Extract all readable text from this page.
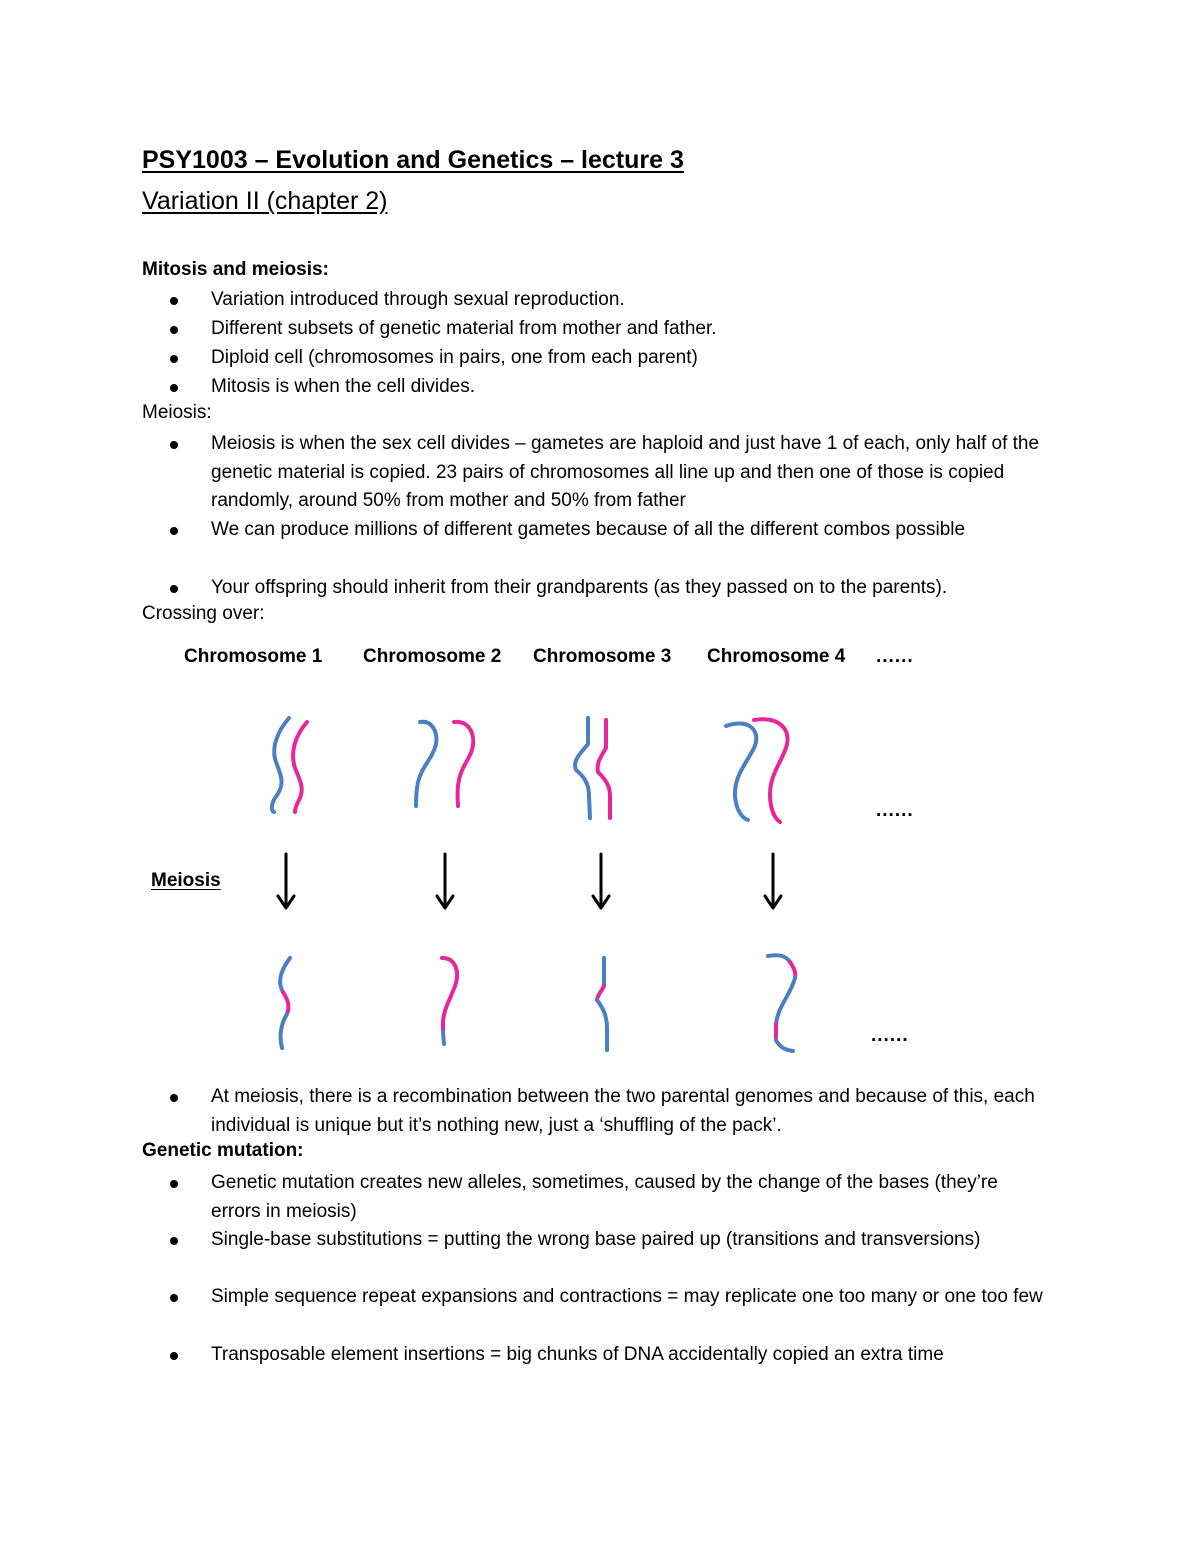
PSY1003 – Evolution and Genetics – lecture 3
Variation II (chapter 2)
Mitosis and meiosis:
Variation introduced through sexual reproduction.
Different subsets of genetic material from mother and father.
Diploid cell (chromosomes in pairs, one from each parent)
Mitosis is when the cell divides.
Meiosis:
Meiosis is when the sex cell divides – gametes are haploid and just have 1 of each, only half of the genetic material is copied. 23 pairs of chromosomes all line up and then one of those is copied randomly, around 50% from mother and 50% from father
We can produce millions of different gametes because of all the different combos possible
Your offspring should inherit from their grandparents (as they passed on to the parents).
Crossing over:
Chromosome 1 Chromosome 2 Chromosome 3 Chromosome 4 ......
......
......
Meiosis
At meiosis, there is a recombination between the two parental genomes and because of this, each individual is unique but it’s nothing new, just a ‘shuffling of the pack’.
Genetic mutation:
Genetic mutation creates new alleles, sometimes, caused by the change of the bases (they’re errors in meiosis)
Single-base substitutions = putting the wrong base paired up (transitions and transversions)
Simple sequence repeat expansions and contractions = may replicate one too many or one too few
Transposable element insertions = big chunks of DNA accidentally copied an extra time
